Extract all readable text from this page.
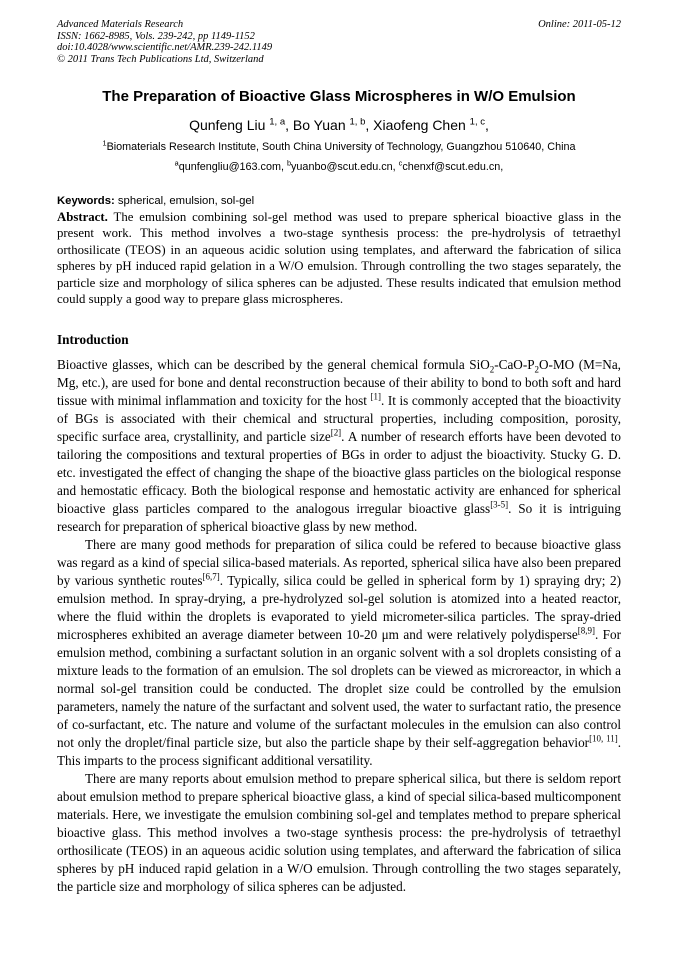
Advanced Materials Research
ISSN: 1662-8985, Vols. 239-242, pp 1149-1152
doi:10.4028/www.scientific.net/AMR.239-242.1149
© 2011 Trans Tech Publications Ltd, Switzerland
Online: 2011-05-12
The Preparation of Bioactive Glass Microspheres in W/O Emulsion
Qunfeng Liu $^{1, a}$, Bo Yuan $^{1, b}$, Xiaofeng Chen $^{1, c}$,
$^1$Biomaterials Research Institute, South China University of Technology, Guangzhou 510640, China
$^a$qunfengliu@163.com, $^b$yuanbo@scut.edu.cn, $^c$chenxf@scut.edu.cn,
Keywords: spherical, emulsion, sol-gel

Abstract. The emulsion combining sol-gel method was used to prepare spherical bioactive glass in the present work. This method involves a two-stage synthesis process: the pre-hydrolysis of tetraethyl orthosilicate (TEOS) in an aqueous acidic solution using templates, and afterward the fabrication of silica spheres by pH induced rapid gelation in a W/O emulsion. Through controlling the two stages separately, the particle size and morphology of silica spheres can be adjusted. These results indicated that emulsion method could supply a good way to prepare glass microspheres.

Introduction

Bioactive glasses, which can be described by the general chemical formula $SiO_2-CaO-P_2O-MO$ (M=Na, Mg, etc.), are used for bone and dental reconstruction because of their ability to bond to both soft and hard tissue with minimal inflammation and toxicity for the host [1]. It is commonly accepted that the bioactivity of BGs is associated with their chemical and structural properties, including composition, porosity, specific surface area, crystallinity, and particle size[2]. A number of research efforts have been devoted to tailoring the compositions and textural properties of BGs in order to adjust the bioactivity. Stucky G. D. etc. investigated the effect of changing the shape of the bioactive glass particles on the biological response and hemostatic efficacy. Both the biological response and hemostatic activity are enhanced for spherical bioactive glass particles compared to the analogous irregular bioactive glass[3-5]. So it is intriguing research for preparation of spherical bioactive glass by new method.

There are many good methods for preparation of silica could be refered to because bioactive glass was regard as a kind of special silica-based materials. As reported, spherical silica have also been prepared by various synthetic routes[6,7]. Typically, silica could be gelled in spherical form by 1) spraying dry; 2) emulsion method. In spray-drying, a pre-hydrolyzed sol-gel solution is atomized into a heated reactor, where the fluid within the droplets is evaporated to yield micrometer-silica particles. The spray-dried microspheres exhibited an average diameter between 10-20 μm and were relatively polydisperse[8,9]. For emulsion method, combining a surfactant solution in an organic solvent with a sol droplets consisting of a mixture leads to the formation of an emulsion. The sol droplets can be viewed as microreactor, in which a normal sol-gel transition could be conducted. The droplet size could be controlled by the emulsion parameters, namely the nature of the surfactant and solvent used, the water to surfactant ratio, the presence of co-surfactant, etc. The nature and volume of the surfactant molecules in the emulsion can also control not only the droplet/final particle size, but also the particle shape by their self-aggregation behavior[10, 11]. This imparts to the process significant additional versatility.

There are many reports about emulsion method to prepare spherical silica, but there is seldom report about emulsion method to prepare spherical bioactive glass, a kind of special silica-based multicomponent materials. Here, we investigate the emulsion combining sol-gel and templates method to prepare spherical bioactive glass. This method involves a two-stage synthesis process: the pre-hydrolysis of tetraethyl orthosilicate (TEOS) in an aqueous acidic solution using templates, and afterward the fabrication of silica spheres by pH induced rapid gelation in a W/O emulsion. Through controlling the two stages separately, the particle size and morphology of silica spheres can be adjusted.
